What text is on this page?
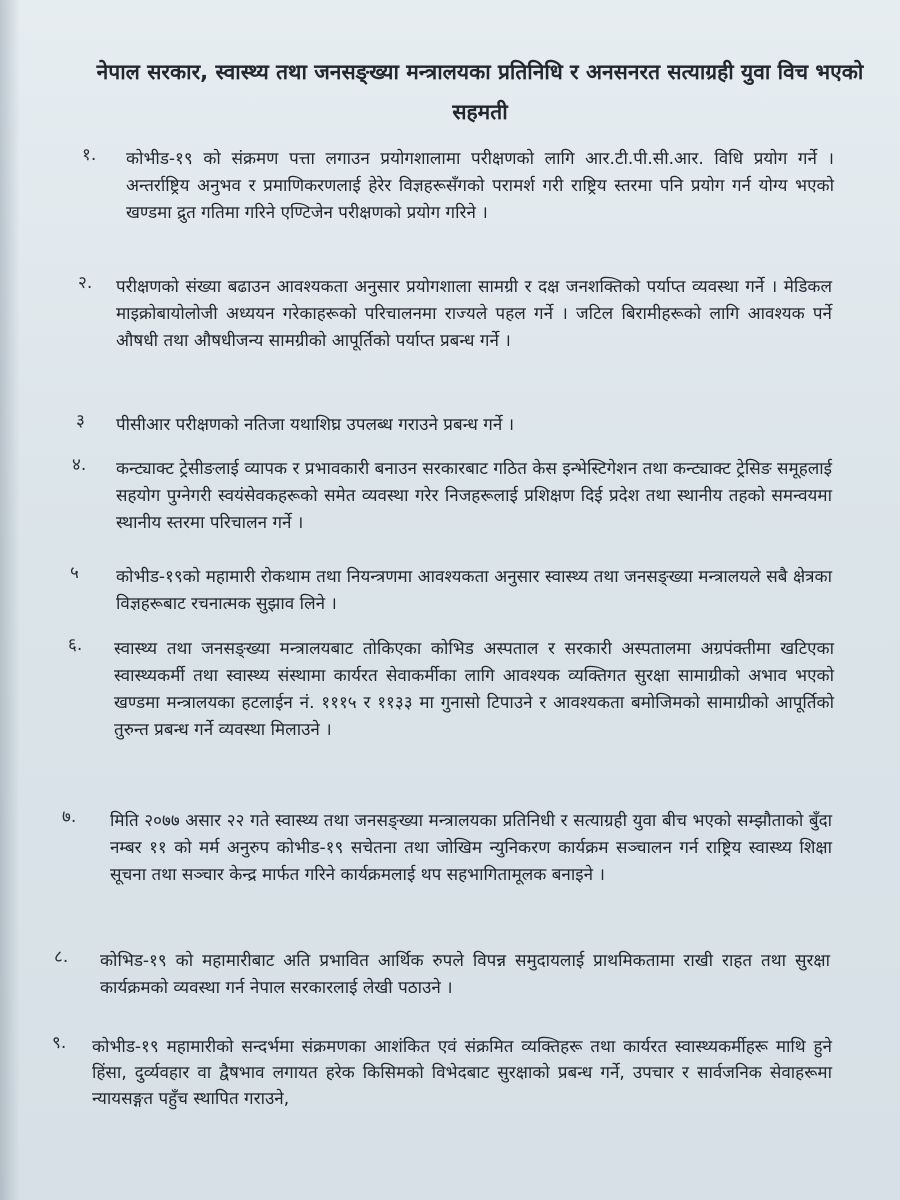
नेपाल सरकार, स्वास्थ्य तथा जनसङ्ख्या मन्त्रालयका प्रतिनिधि र अनसनरत सत्याग्रही युवा विच भएको सहमती
१. कोभीड-१९ को संक्रमण पत्ता लगाउन प्रयोगशालामा परीक्षणको लागि आर.टी.पी.सी.आर. विधि प्रयोग गर्ने । अन्तर्राष्ट्रिय अनुभव र प्रमाणिकरणलाई हेरेर विज्ञहरूसँगको परामर्श गरी राष्ट्रिय स्तरमा पनि प्रयोग गर्न योग्य भएको खण्डमा द्रुत गतिमा गरिने एण्टिजेन परीक्षणको प्रयोग गरिने ।

२. परीक्षणको संख्या बढाउन आवश्यकता अनुसार प्रयोगशाला सामग्री र दक्ष जनशक्तिको पर्याप्त व्यवस्था गर्ने । मेडिकल माइक्रोबायोलोजी अध्ययन गरेकाहरूको परिचालनमा राज्यले पहल गर्ने । जटिल बिरामीहरूको लागि आवश्यक पर्ने औषधी तथा औषधीजन्य सामग्रीको आपूर्तिको पर्याप्त प्रबन्ध गर्ने ।

३ पीसीआर परीक्षणको नतिजा यथाशिघ्र उपलब्ध गराउने प्रबन्ध गर्ने ।

४. कन्ट्याक्ट ट्रेसीङलाई व्यापक र प्रभावकारी बनाउन सरकारबाट गठित केस इन्भेस्टिगेशन तथा कन्ट्याक्ट ट्रेसिङ समूहलाई सहयोग पुग्नेगरी स्वयंसेवकहरूको समेत व्यवस्था गरेर निजहरूलाई प्रशिक्षण दिई प्रदेश तथा स्थानीय तहको समन्वयमा स्थानीय स्तरमा परिचालन गर्ने ।

५ कोभीड-१९को महामारी रोकथाम तथा नियन्त्रणमा आवश्यकता अनुसार स्वास्थ्य तथा जनसङ्ख्या मन्त्रालयले सबै क्षेत्रका विज्ञहरूबाट रचनात्मक सुझाव लिने ।

६. स्वास्थ्य तथा जनसङ्ख्या मन्त्रालयबाट तोकिएका कोभिड अस्पताल र सरकारी अस्पतालमा अग्रपंक्तीमा खटिएका स्वास्थ्यकर्मी तथा स्वास्थ्य संस्थामा कार्यरत सेवाकर्मीका लागि आवश्यक व्यक्तिगत सुरक्षा सामाग्रीको अभाव भएको खण्डमा मन्त्रालयका हटलाईन नं. १११५ र ११३३ मा गुनासो टिपाउने र आवश्यकता बमोजिमको सामाग्रीको आपूर्तिको तुरुन्त प्रबन्ध गर्ने व्यवस्था मिलाउने ।

७. मिति २०७७ असार २२ गते स्वास्थ्य तथा जनसङ्ख्या मन्त्रालयका प्रतिनिधी र सत्याग्रही युवा बीच भएको सम्झौताको बुँदा नम्बर ११ को मर्म अनुरुप कोभीड-१९ सचेतना तथा जोखिम न्युनिकरण कार्यक्रम सञ्चालन गर्न राष्ट्रिय स्वास्थ्य शिक्षा सूचना तथा सञ्चार केन्द्र मार्फत गरिने कार्यक्रमलाई थप सहभागितामूलक बनाइने ।

८. कोभिड-१९ को महामारीबाट अति प्रभावित आर्थिक रुपले विपन्न समुदायलाई प्राथमिकतामा राखी राहत तथा सुरक्षा कार्यक्रमको व्यवस्था गर्न नेपाल सरकारलाई लेखी पठाउने ।

९. कोभीड-१९ महामारीको सन्दर्भमा संक्रमणका आशंकित एवं संक्रमित व्यक्तिहरू तथा कार्यरत स्वास्थ्यकर्मीहरू माथि हुने हिंसा, दुर्व्यवहार वा द्वैषभाव लगायत हरेक किसिमको विभेदबाट सुरक्षाको प्रबन्ध गर्ने, उपचार र सार्वजनिक सेवाहरूमा न्यायसङ्गत पहुँच स्थापित गराउने,
